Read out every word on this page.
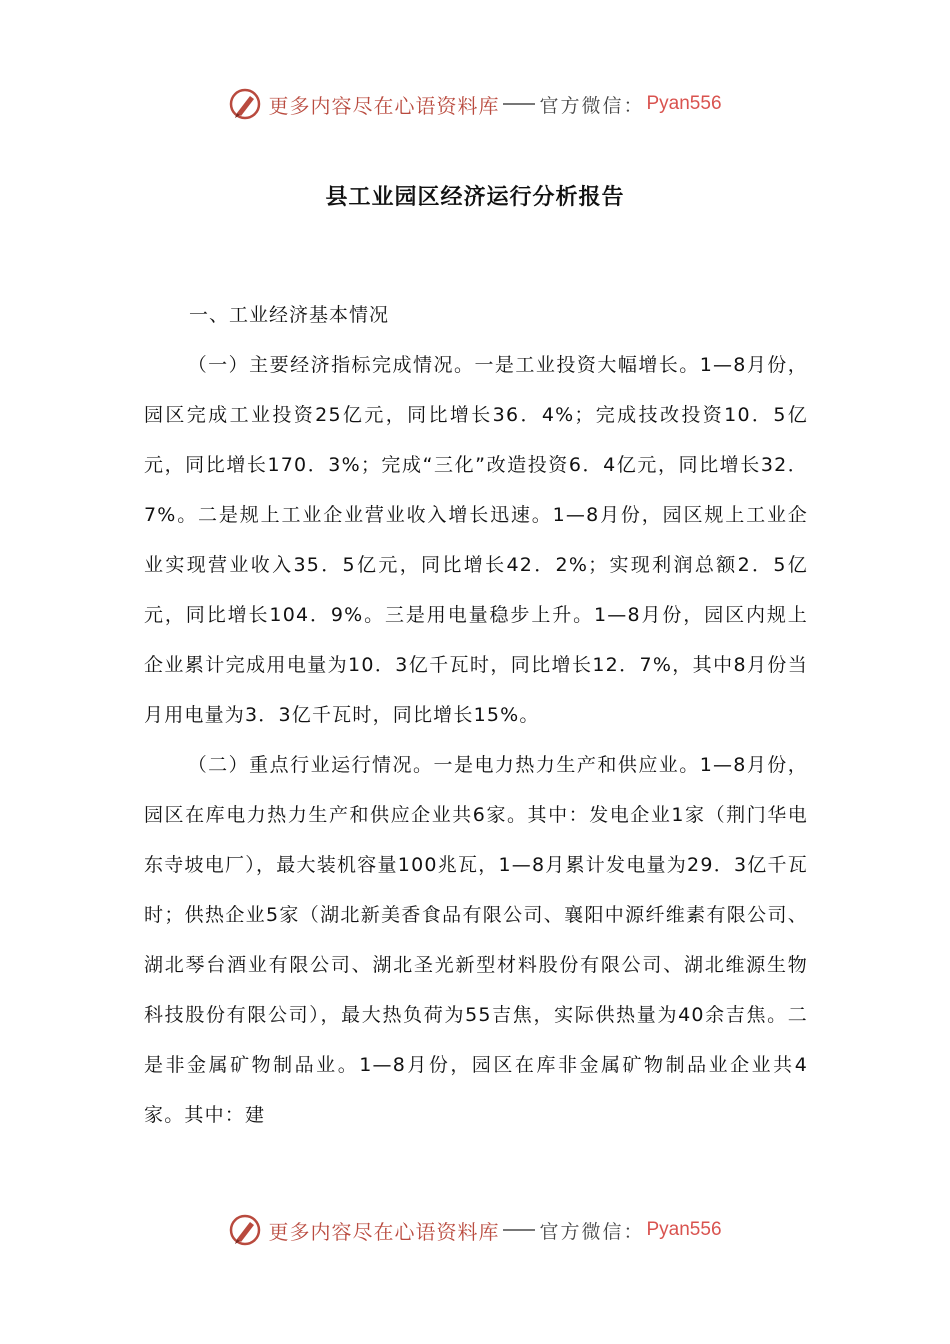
更多内容尽在心语资料库 官方微信： Pyan556
县工业园区经济运行分析报告
一、工业经济基本情况

（一）主要经济指标完成情况。一是工业投资大幅增长。1—8月份，园区完成工业投资25亿元，同比增长36．4%；完成技改投资10．5亿元，同比增长170．3%；完成“三化”改造投资6．4亿元，同比增长32．7%。二是规上工业企业营业收入增长迅速。1—8月份，园区规上工业企业实现营业收入35．5亿元，同比增长42．2%；实现利润总额2．5亿元，同比增长104．9%。三是用电量稳步上升。1—8月份，园区内规上企业累计完成用电量为10．3亿千瓦时，同比增长12．7%，其中8月份当月用电量为3．3亿千瓦时，同比增长15%。

（二）重点行业运行情况。一是电力热力生产和供应业。1—8月份，园区在库电力热力生产和供应企业共6家。其中：发电企业1家（荆门华电东寺坡电厂），最大装机容量100兆瓦，1—8月累计发电量为29．3亿千瓦时；供热企业5家（湖北新美香食品有限公司、襄阳中源纤维素有限公司、湖北琴台酒业有限公司、湖北圣光新型材料股份有限公司、湖北维源生物科技股份有限公司），最大热负荷为55吉焦，实际供热量为40余吉焦。二是非金属矿物制品业。1—8月份，园区在库非金属矿物制品业企业共4家。其中：建

更多内容尽在心语资料库 官方微信： Pyan556
